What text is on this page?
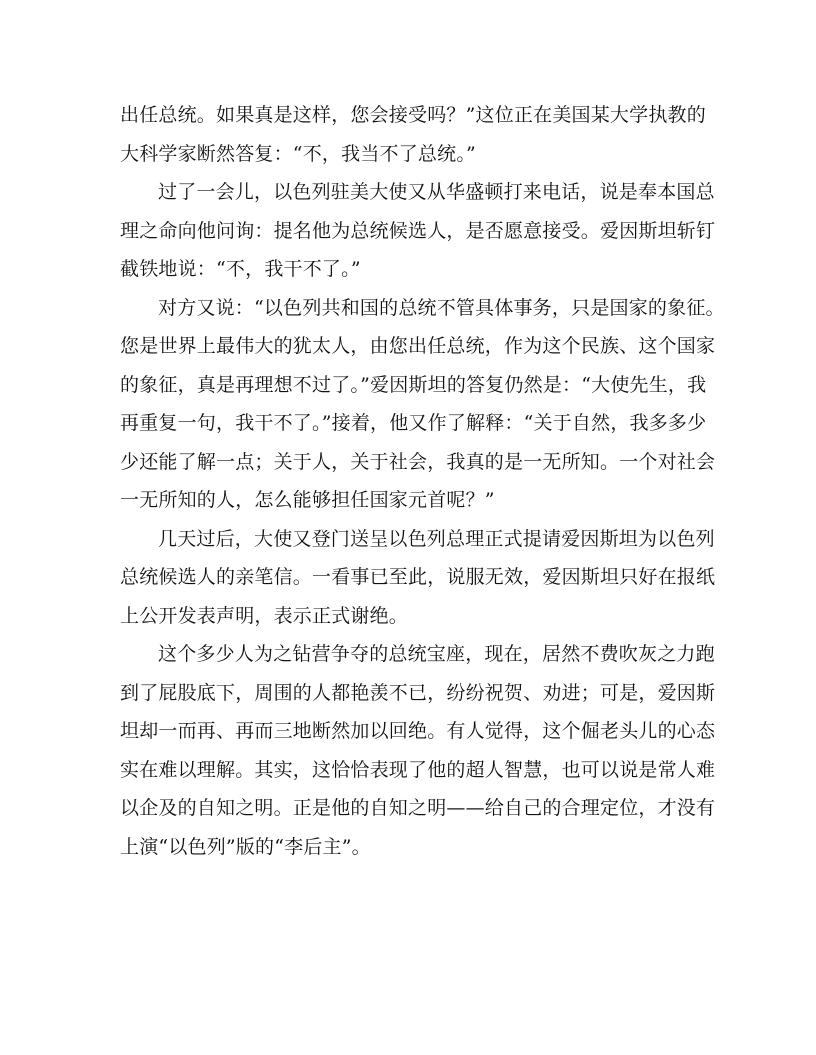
出任总统。如果真是这样，您会接受吗？”这位正在美国某大学执教的
大科学家断然答复：“不，我当不了总统。”
过了一会儿，以色列驻美大使又从华盛顿打来电话，说是奉本国总
理之命向他问询：提名他为总统候选人，是否愿意接受。爱因斯坦斩钉
截铁地说：“不，我干不了。”
对方又说：“以色列共和国的总统不管具体事务，只是国家的象征。
您是世界上最伟大的犹太人，由您出任总统，作为这个民族、这个国家
的象征，真是再理想不过了。”爱因斯坦的答复仍然是：“大使先生，我
再重复一句，我干不了。”接着，他又作了解释：“关于自然，我多多少
少还能了解一点；关于人，关于社会，我真的是一无所知。一个对社会
一无所知的人，怎么能够担任国家元首呢？”
几天过后，大使又登门送呈以色列总理正式提请爱因斯坦为以色列
总统候选人的亲笔信。一看事已至此，说服无效，爱因斯坦只好在报纸
上公开发表声明，表示正式谢绝。
这个多少人为之钻营争夺的总统宝座，现在，居然不费吹灰之力跑
到了屁股底下，周围的人都艳羡不已，纷纷祝贺、劝进；可是，爱因斯
坦却一而再、再而三地断然加以回绝。有人觉得，这个倔老头儿的心态
实在难以理解。其实，这恰恰表现了他的超人智慧，也可以说是常人难
以企及的自知之明。正是他的自知之明——给自己的合理定位，才没有
上演“以色列”版的“李后主”。
